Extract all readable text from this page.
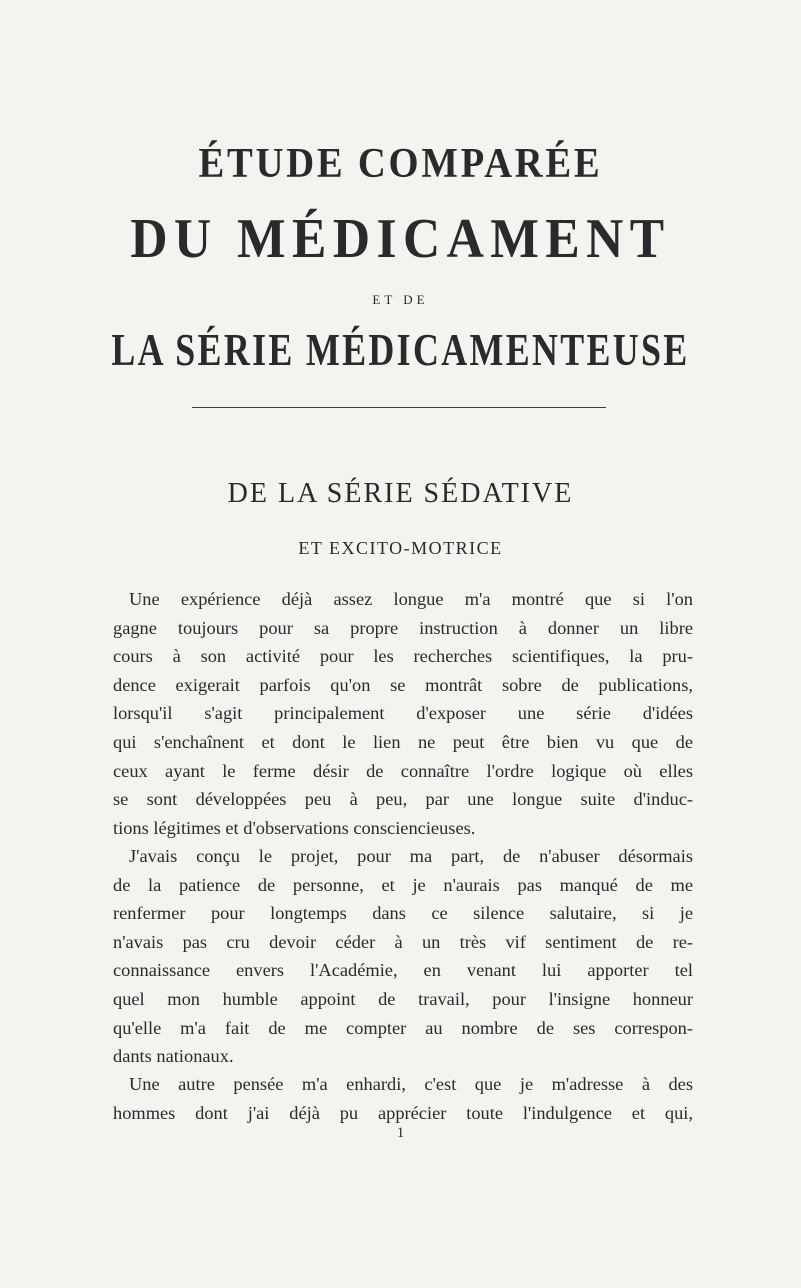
ÉTUDE COMPARÉE
DU MÉDICAMENT
ET DE
LA SÉRIE MÉDICAMENTEUSE
DE LA SÉRIE SÉDATIVE
ET EXCITO-MOTRICE
Une expérience déjà assez longue m'a montré que si l'on
gagne toujours pour sa propre instruction à donner un libre
cours à son activité pour les recherches scientifiques, la pru-
dence exigerait parfois qu'on se montrât sobre de publications,
lorsqu'il s'agit principalement d'exposer une série d'idées
qui s'enchaînent et dont le lien ne peut être bien vu que de
ceux ayant le ferme désir de connaître l'ordre logique où elles
se sont développées peu à peu, par une longue suite d'induc-
tions légitimes et d'observations consciencieuses.
J'avais conçu le projet, pour ma part, de n'abuser désormais
de la patience de personne, et je n'aurais pas manqué de me
renfermer pour longtemps dans ce silence salutaire, si je
n'avais pas cru devoir céder à un très vif sentiment de re-
connaissance envers l'Académie, en venant lui apporter tel
quel mon humble appoint de travail, pour l'insigne honneur
qu'elle m'a fait de me compter au nombre de ses correspon-
dants nationaux.
Une autre pensée m'a enhardi, c'est que je m'adresse à des
hommes dont j'ai déjà pu apprécier toute l'indulgence et qui,
1
